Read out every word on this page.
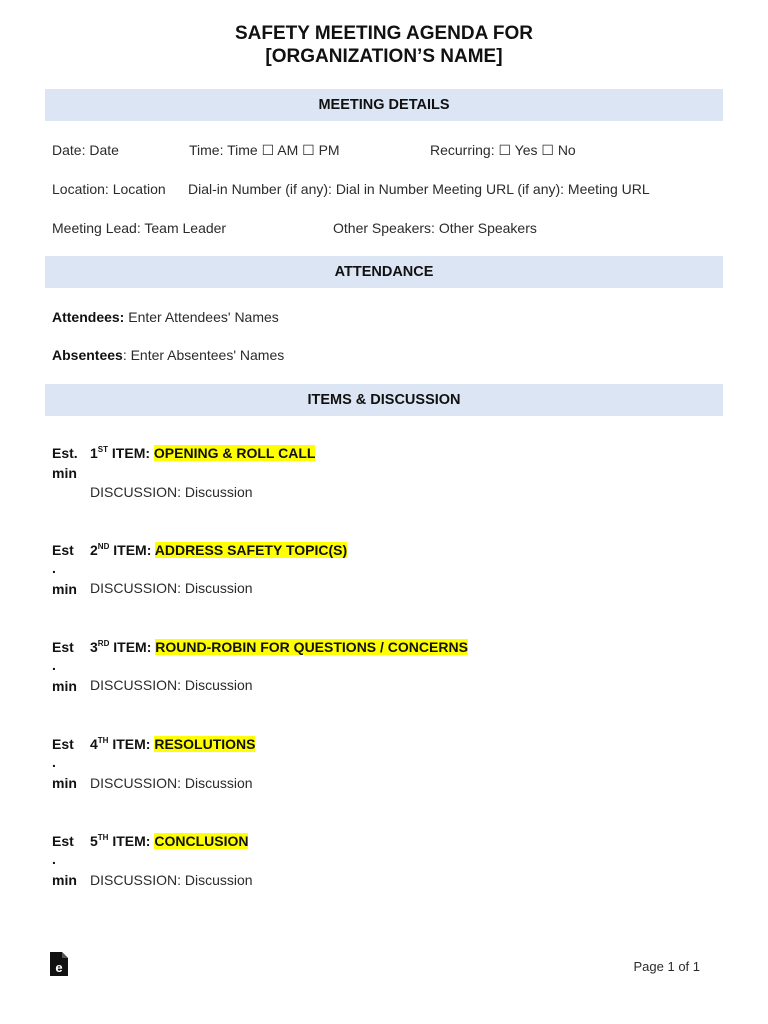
SAFETY MEETING AGENDA FOR
[ORGANIZATION’S NAME]
MEETING DETAILS
Date: Date	Time: Time ☐ AM ☐ PM	Recurring: ☐ Yes ☐ No
Location: Location Dial-in Number (if any): Dial in Number Meeting URL (if any): Meeting URL
Meeting Lead: Team Leader	Other Speakers: Other Speakers
ATTENDANCE
Attendees: Enter Attendees' Names
Absentees: Enter Absentees' Names
ITEMS & DISCUSSION
Est.
min
1ST ITEM: OPENING & ROLL CALL
DISCUSSION: Discussion
Est
.
min
2ND ITEM: ADDRESS SAFETY TOPIC(S)
DISCUSSION: Discussion
Est
.
min
3RD ITEM: ROUND-ROBIN FOR QUESTIONS / CONCERNS
DISCUSSION: Discussion
Est
.
min
4TH ITEM: RESOLUTIONS
DISCUSSION: Discussion
Est
.
min
5TH ITEM: CONCLUSION
DISCUSSION: Discussion
e	Page 1 of 1
